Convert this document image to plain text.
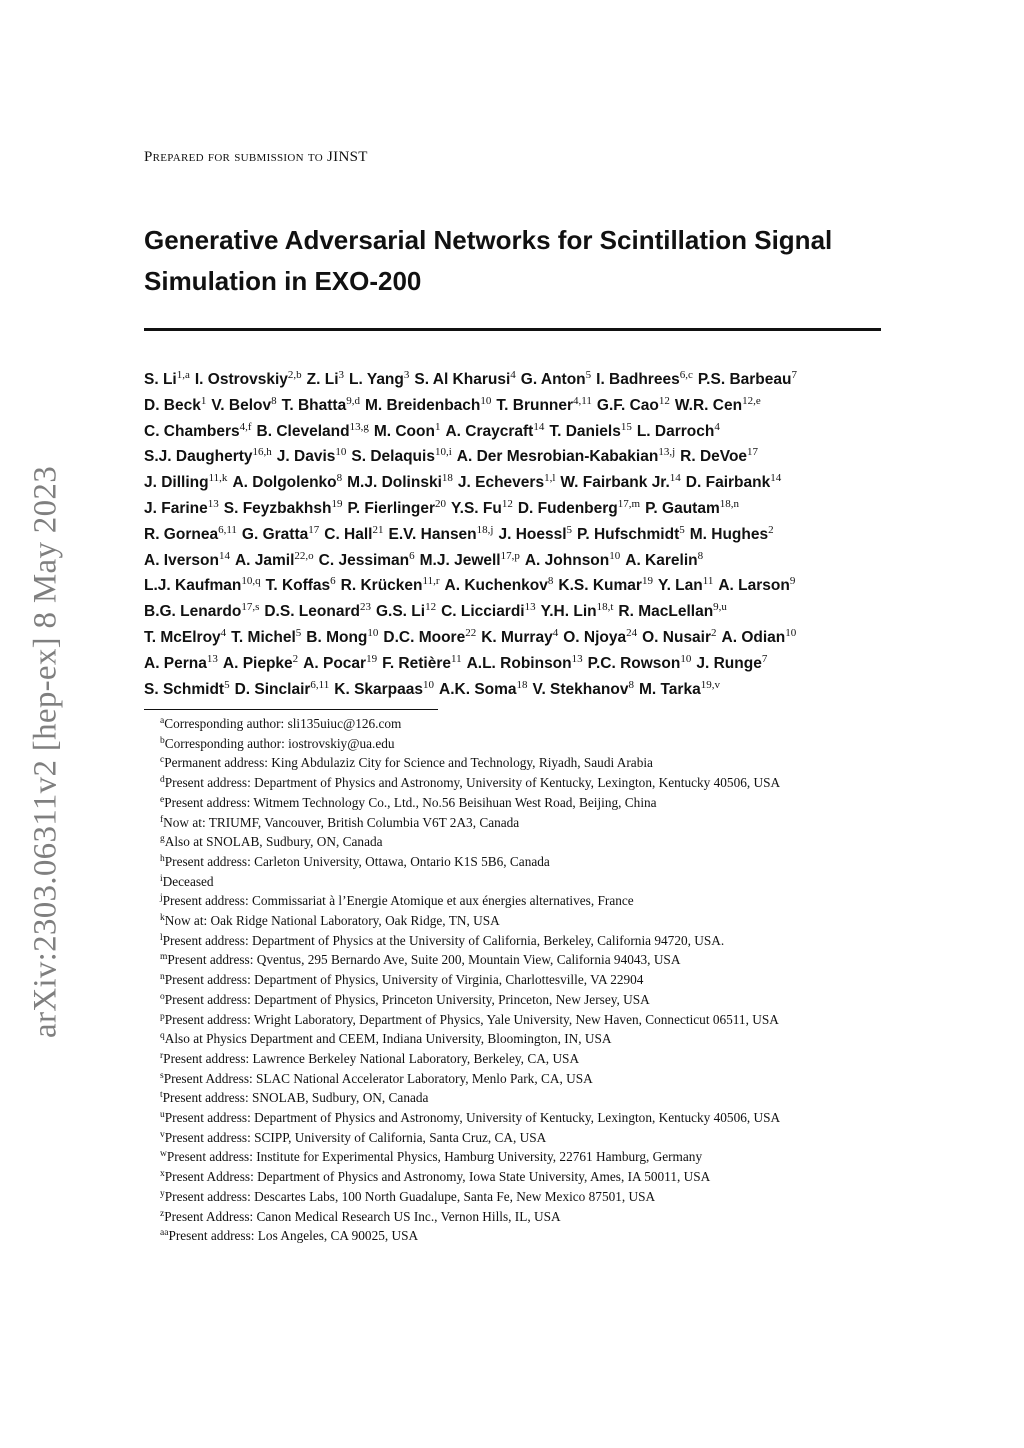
arXiv:2303.06311v2 [hep-ex] 8 May 2023
Prepared for submission to JINST
Generative Adversarial Networks for Scintillation Signal
Simulation in EXO-200
S. Li$^{1,a}$ I. Ostrovskiy$^{2,b}$ Z. Li$^3$ L. Yang$^3$ S. Al Kharusi$^4$ G. Anton$^5$ I. Badhrees$^{6,c}$ P.S. Barbeau$^7$
D. Beck$^1$ V. Belov$^8$ T. Bhatta$^{9,d}$ M. Breidenbach$^{10}$ T. Brunner$^{4,11}$ G.F. Cao$^{12}$ W.R. Cen$^{12,e}$
C. Chambers$^{4,f}$ B. Cleveland$^{13,g}$ M. Coon$^1$ A. Craycraft$^{14}$ T. Daniels$^{15}$ L. Darroch$^4$
S.J. Daugherty$^{16,h}$ J. Davis$^{10}$ S. Delaquis$^{10,i}$ A. Der Mesrobian-Kabakian$^{13,j}$ R. DeVoe$^{17}$
J. Dilling$^{11,k}$ A. Dolgolenko$^8$ M.J. Dolinski$^{18}$ J. Echevers$^{1,l}$ W. Fairbank Jr.$^{14}$ D. Fairbank$^{14}$
J. Farine$^{13}$ S. Feyzbakhsh$^{19}$ P. Fierlinger$^{20}$ Y.S. Fu$^{12}$ D. Fudenberg$^{17,m}$ P. Gautam$^{18,n}$
R. Gornea$^{6,11}$ G. Gratta$^{17}$ C. Hall$^{21}$ E.V. Hansen$^{18,j}$ J. Hoessl$^5$ P. Hufschmidt$^5$ M. Hughes$^2$
A. Iverson$^{14}$ A. Jamil$^{22,o}$ C. Jessiman$^6$ M.J. Jewell$^{17,p}$ A. Johnson$^{10}$ A. Karelin$^8$
L.J. Kaufman$^{10,q}$ T. Koffas$^6$ R. Krücken$^{11,r}$ A. Kuchenkov$^8$ K.S. Kumar$^{19}$ Y. Lan$^{11}$ A. Larson$^9$
B.G. Lenardo$^{17,s}$ D.S. Leonard$^{23}$ G.S. Li$^{12}$ C. Licciardi$^{13}$ Y.H. Lin$^{18,t}$ R. MacLellan$^{9,u}$
T. McElroy$^4$ T. Michel$^5$ B. Mong$^{10}$ D.C. Moore$^{22}$ K. Murray$^4$ O. Njoya$^{24}$ O. Nusair$^2$ A. Odian$^{10}$
A. Perna$^{13}$ A. Piepke$^2$ A. Pocar$^{19}$ F. Retière$^{11}$ A.L. Robinson$^{13}$ P.C. Rowson$^{10}$ J. Runge$^7$
S. Schmidt$^5$ D. Sinclair$^{6,11}$ K. Skarpaas$^{10}$ A.K. Soma$^{18}$ V. Stekhanov$^8$ M. Tarka$^{19,v}$
$^a$Corresponding author: sli135uiuc@126.com
$^b$Corresponding author: iostrovskiy@ua.edu
$^c$Permanent address: King Abdulaziz City for Science and Technology, Riyadh, Saudi Arabia
$^d$Present address: Department of Physics and Astronomy, University of Kentucky, Lexington, Kentucky 40506, USA
$^e$Present address: Witmem Technology Co., Ltd., No.56 Beisihuan West Road, Beijing, China
$^f$Now at: TRIUMF, Vancouver, British Columbia V6T 2A3, Canada
$^g$Also at SNOLAB, Sudbury, ON, Canada
$^h$Present address: Carleton University, Ottawa, Ontario K1S 5B6, Canada
$^i$Deceased
$^j$Present address: Commissariat à l’Energie Atomique et aux énergies alternatives, France
$^k$Now at: Oak Ridge National Laboratory, Oak Ridge, TN, USA
$^l$Present address: Department of Physics at the University of California, Berkeley, California 94720, USA.
$^m$Present address: Qventus, 295 Bernardo Ave, Suite 200, Mountain View, California 94043, USA
$^n$Present address: Department of Physics, University of Virginia, Charlottesville, VA 22904
$^o$Present address: Department of Physics, Princeton University, Princeton, New Jersey, USA
$^p$Present address: Wright Laboratory, Department of Physics, Yale University, New Haven, Connecticut 06511, USA
$^q$Also at Physics Department and CEEM, Indiana University, Bloomington, IN, USA
$^r$Present address: Lawrence Berkeley National Laboratory, Berkeley, CA, USA
$^s$Present Address: SLAC National Accelerator Laboratory, Menlo Park, CA, USA
$^t$Present address: SNOLAB, Sudbury, ON, Canada
$^u$Present address: Department of Physics and Astronomy, University of Kentucky, Lexington, Kentucky 40506, USA
$^v$Present address: SCIPP, University of California, Santa Cruz, CA, USA
$^w$Present address: Institute for Experimental Physics, Hamburg University, 22761 Hamburg, Germany
$^x$Present Address: Department of Physics and Astronomy, Iowa State University, Ames, IA 50011, USA
$^y$Present address: Descartes Labs, 100 North Guadalupe, Santa Fe, New Mexico 87501, USA
$^z$Present Address: Canon Medical Research US Inc., Vernon Hills, IL, USA
$^{aa}$Present address: Los Angeles, CA 90025, USA
